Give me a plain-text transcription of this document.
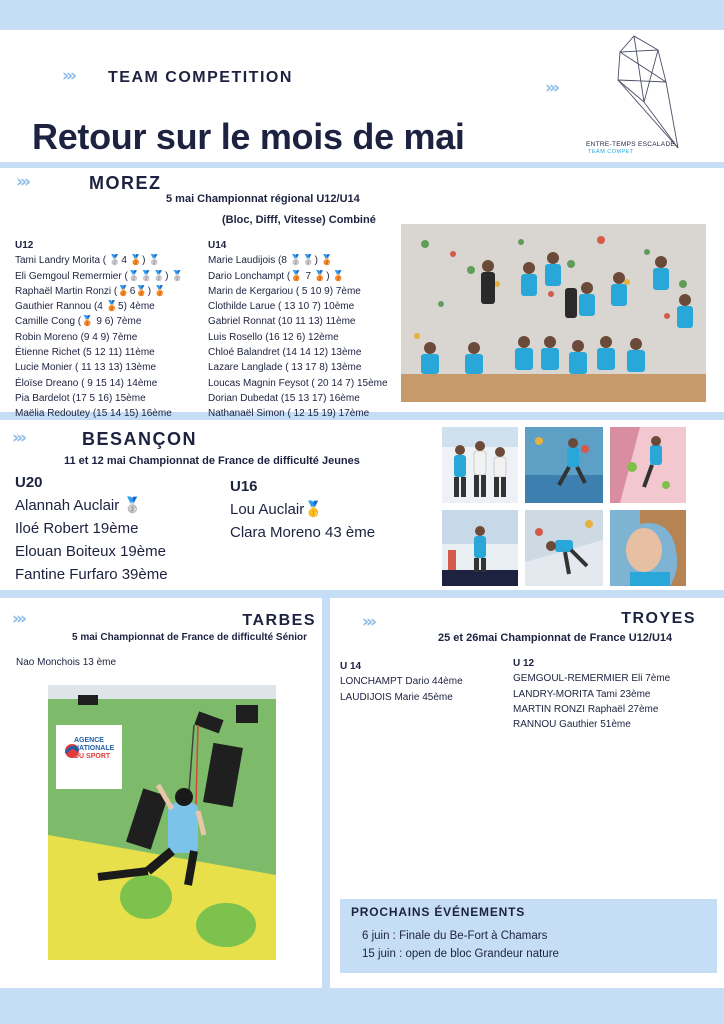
››› TEAM COMPETITION
›››
Retour sur le mois de mai	ENTRE-TEMPS ESCALADE
TEAM COMPET
›››	MOREZ
5 mai Championnat régional U12/U14
(Bloc, Difff, Vitesse) Combiné
U12
Tami Landry Morita ( 🥈4 🥉) 🥈
Eli Gemgoul Remermier (🥈🥈🥈) 🥈
Raphaël Martin Ronzi (🥉6🥉) 🥉
Gauthier Rannou (4 🥉5) 4ème
Camille Cong (🥉 9 6) 7ème
Robin Moreno (9 4 9) 7ème
Étienne Richet (5 12 11) 11ème
Lucie Monier ( 11 13 13) 13ème
Éloïse Dreano ( 9 15 14) 14ème
Pia Bardelot (17 5 16) 15ème
Maëlia Redoutey (15 14 15) 16ème
U14
Marie Laudijois (8 🥈🥈) 🥉
Dario Lonchampt (🥉 7 🥉) 🥉
Marin de Kergariou ( 5 10 9) 7ème
Clothilde Larue ( 13 10 7) 10ème
Gabriel Ronnat (10 11 13) 11ème
Luis Rosello (16 12 6) 12ème
Chloé Balandret (14 14 12) 13ème
Lazare Langlade ( 13 17 8) 13ème
Loucas Magnin Feysot ( 20 14 7) 15ème
Dorian Dubedat (15 13 17) 16ème
Nathanaël Simon ( 12 15 19) 17ème
›››	BESANÇON
11 et 12 mai Championnat de France de difficulté Jeunes
U20
Alannah Auclair 🥈
Iloé Robert 19ème
Elouan Boiteux 19ème
Fantine Furfaro 39ème
U16
Lou Auclair🥇
Clara Moreno 43 ème
›››	TARBES
5 mai Championnat de France de difficulté Sénior
Nao Monchois 13 ème
AGENCE
NATIONALE
DU SPORT
›››	TROYES
25 et 26mai Championnat de France U12/U14
U 14
LONCHAMPT Dario 44ème
LAUDIJOIS Marie 45ème
U 12
GEMGOUL-REMERMIER Eli 7ème
LANDRY-MORITA Tami 23ème
MARTIN RONZI Raphaël 27ème
RANNOU Gauthier 51ème
PROCHAINS ÉVÉNEMENTS
6 juin : Finale du Be-Fort à Chamars
15 juin : open de bloc Grandeur nature
